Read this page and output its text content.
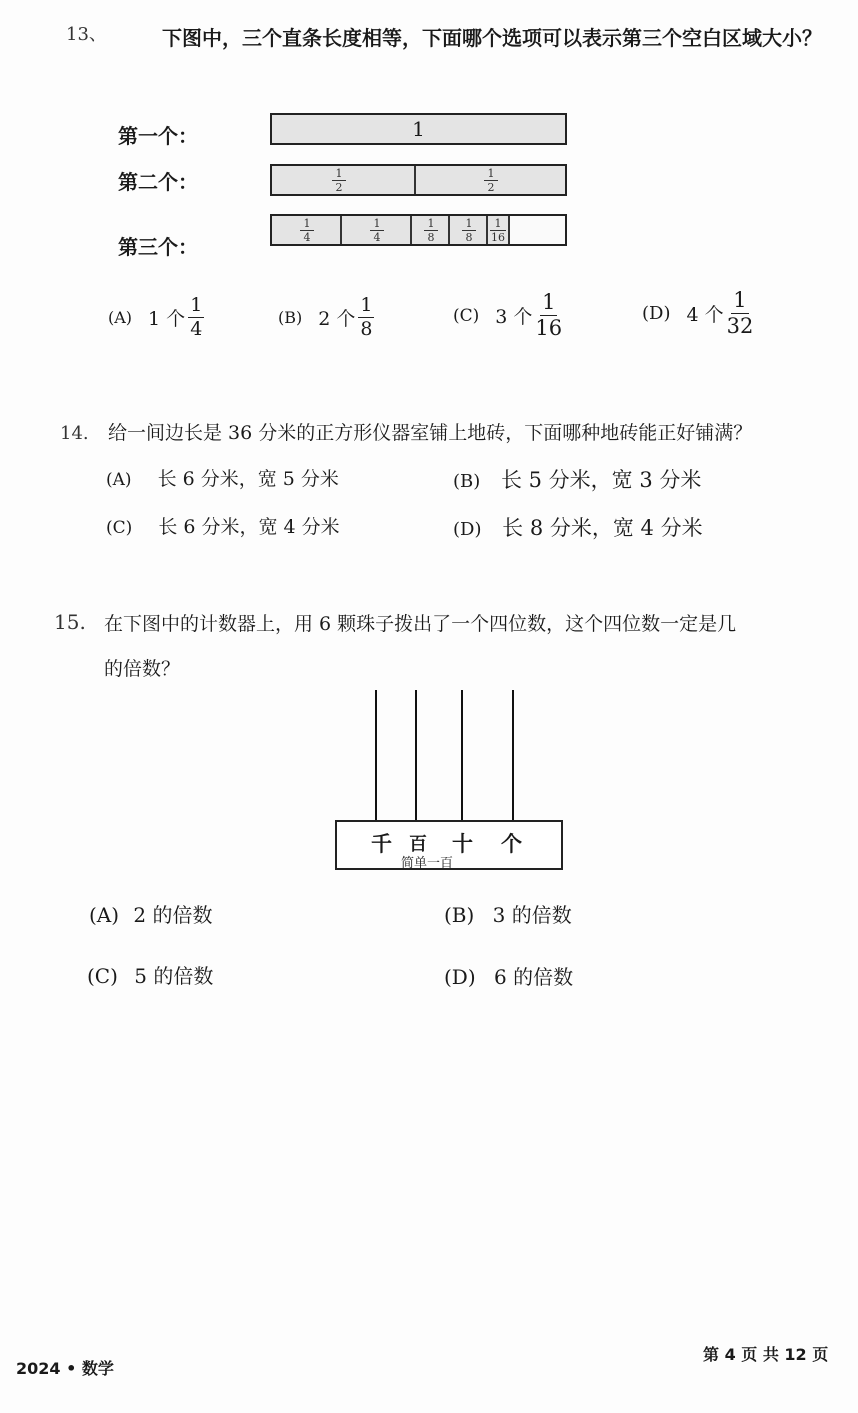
13、	下图中，三个直条长度相等，下面哪个选项可以表示第三个空白区域大小？
第一个：	1
第二个：	1
2
1
2
第三个：
1
4
1
4
1
8
1
8
1
16
(A) 1 个 $\frac{1}{4}$	(B) 2 个 $\frac{1}{8}$	(C) 3 个 $\frac{1}{16}$	(D) 4 个 $\frac{1}{32}$
14. 给一间边长是 36 分米的正方形仪器室铺上地砖，下面哪种地砖能正好铺满？
(A) 长 6 分米，宽 5 分米	(B) 长 5 分米，宽 3 分米
(C) 长 6 分米，宽 4 分米	(D) 长 8 分米，宽 4 分米
15. 在下图中的计数器上，用 6 颗珠子拨出了一个四位数，这个四位数一定是几
的倍数？
千 百 十 个
简单一百
(A) 2 的倍数	(B) 3 的倍数
(C) 5 的倍数	(D) 6 的倍数
2024 • 数学
第 4 页 共 12 页
